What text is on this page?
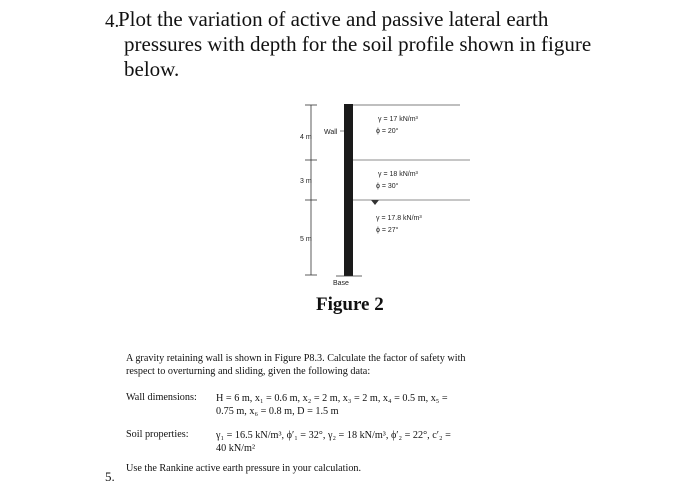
4.
Plot the variation of active and passive lateral earth
pressures with depth for the soil profile shown in figure
below.
4 m
3 m
5 m
Wall
γ = 17 kN/m³
ϕ = 20°
γ = 18 kN/m³
ϕ = 30°
γ = 17.8 kN/m³
ϕ = 27°
Base
Figure 2
A gravity retaining wall is shown in Figure P8.3. Calculate the factor of safety with
respect to overturning and sliding, given the following data:
Wall dimensions: H = 6 m, x₁ = 0.6 m, x₂ = 2 m, x₃ = 2 m, x₄ = 0.5 m, x₅ =
0.75 m, x₆ = 0.8 m, D = 1.5 m
Soil properties:	γ₁ = 16.5 kN/m³, ϕ′₁ = 32°, γ₂ = 18 kN/m³, ϕ′₂ = 22°, c′₂ =
40 kN/m²
Use the Rankine active earth pressure in your calculation.
5.
